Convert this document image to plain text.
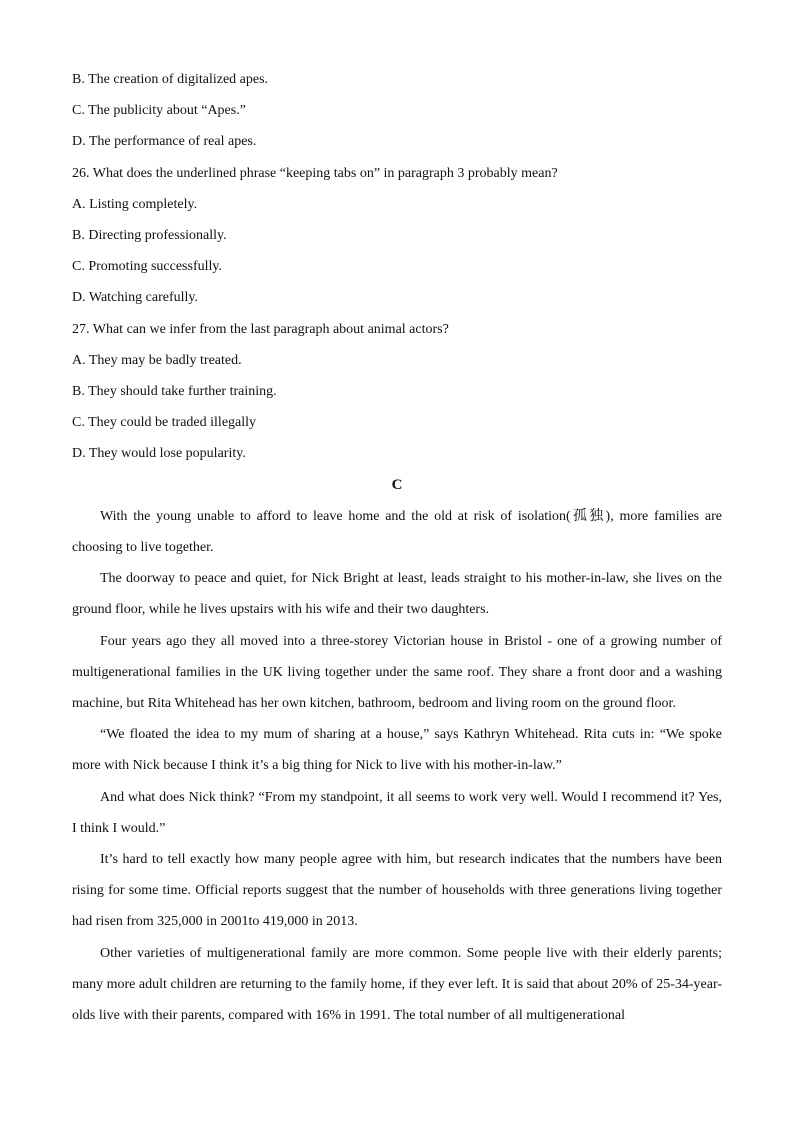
B. The creation of digitalized apes.
C. The publicity about “Apes.”
D. The performance of real apes.
26. What does the underlined phrase “keeping tabs on” in paragraph 3 probably mean?
A. Listing completely.
B. Directing professionally.
C. Promoting successfully.
D. Watching carefully.
27. What can we infer from the last paragraph about animal actors?
A. They may be badly treated.
B. They should take further training.
C. They could be traded illegally
D. They would lose popularity.
C
With the young unable to afford to leave home and the old at risk of isolation(孤独), more families are choosing to live together.
The doorway to peace and quiet, for Nick Bright at least, leads straight to his mother-in-law, she lives on the ground floor, while he lives upstairs with his wife and their two daughters.
Four years ago they all moved into a three-storey Victorian house in Bristol - one of a growing number of multigenerational families in the UK living together under the same roof. They share a front door and a washing machine, but Rita Whitehead has her own kitchen, bathroom, bedroom and living room on the ground floor.
“We floated the idea to my mum of sharing at a house,” says Kathryn Whitehead. Rita cuts in: “We spoke more with Nick because I think it’s a big thing for Nick to live with his mother-in-law.”
And what does Nick think? “From my standpoint, it all seems to work very well. Would I recommend it? Yes, I think I would.”
It’s hard to tell exactly how many people agree with him, but research indicates that the numbers have been rising for some time. Official reports suggest that the number of households with three generations living together had risen from 325,000 in 2001to 419,000 in 2013.
Other varieties of multigenerational family are more common. Some people live with their elderly parents; many more adult children are returning to the family home, if they ever left. It is said that about 20% of 25-34-year-olds live with their parents, compared with 16% in 1991. The total number of all multigenerational
